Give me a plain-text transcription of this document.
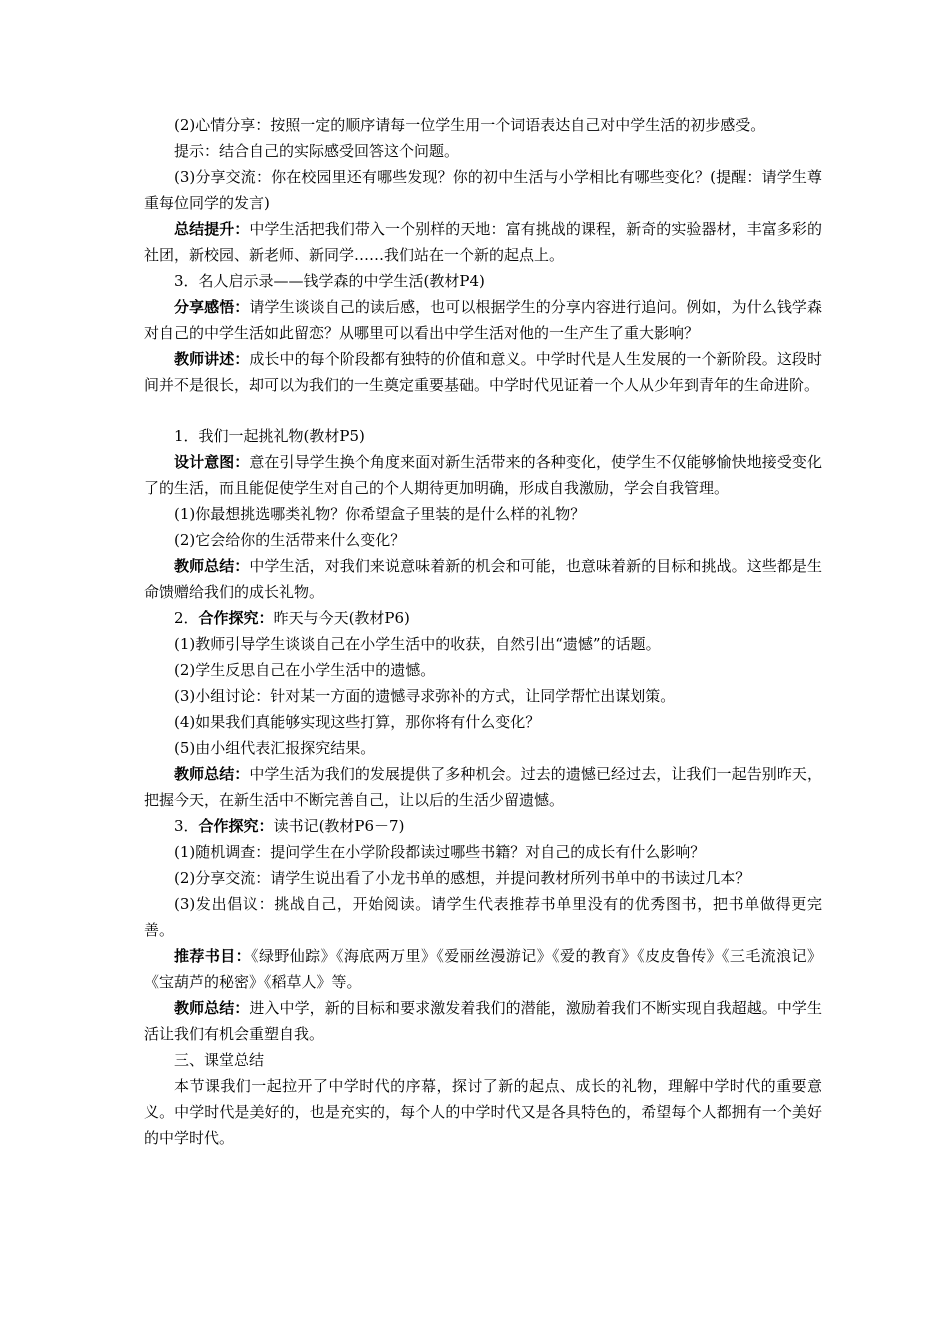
(2)心情分享：按照一定的顺序请每一位学生用一个词语表达自己对中学生活的初步感受。

提示：结合自己的实际感受回答这个问题。

(3)分享交流：你在校园里还有哪些发现？你的初中生活与小学相比有哪些变化？(提醒：请学生尊重每位同学的发言)

总结提升：中学生活把我们带入一个别样的天地：富有挑战的课程，新奇的实验器材，丰富多彩的社团，新校园、新老师、新同学……我们站在一个新的起点上。

3．名人启示录——钱学森的中学生活(教材P4)

分享感悟：请学生谈谈自己的读后感，也可以根据学生的分享内容进行追问。例如，为什么钱学森对自己的中学生活如此留恋？从哪里可以看出中学生活对他的一生产生了重大影响？

教师讲述：成长中的每个阶段都有独特的价值和意义。中学时代是人生发展的一个新阶段。这段时间并不是很长，却可以为我们的一生奠定重要基础。中学时代见证着一个人从少年到青年的生命进阶。

1．我们一起挑礼物(教材P5)

设计意图：意在引导学生换个角度来面对新生活带来的各种变化，使学生不仅能够愉快地接受变化了的生活，而且能促使学生对自己的个人期待更加明确，形成自我激励，学会自我管理。

(1)你最想挑选哪类礼物？你希望盒子里装的是什么样的礼物？

(2)它会给你的生活带来什么变化？

教师总结：中学生活，对我们来说意味着新的机会和可能，也意味着新的目标和挑战。这些都是生命馈赠给我们的成长礼物。

2．合作探究：昨天与今天(教材P6)

(1)教师引导学生谈谈自己在小学生活中的收获，自然引出“遗憾”的话题。

(2)学生反思自己在小学生活中的遗憾。

(3)小组讨论：针对某一方面的遗憾寻求弥补的方式，让同学帮忙出谋划策。

(4)如果我们真能够实现这些打算，那你将有什么变化？

(5)由小组代表汇报探究结果。

教师总结：中学生活为我们的发展提供了多种机会。过去的遗憾已经过去，让我们一起告别昨天，把握今天，在新生活中不断完善自己，让以后的生活少留遗憾。

3．合作探究：读书记(教材P6－7)

(1)随机调查：提问学生在小学阶段都读过哪些书籍？对自己的成长有什么影响？

(2)分享交流：请学生说出看了小龙书单的感想，并提问教材所列书单中的书读过几本？

(3)发出倡议：挑战自己，开始阅读。请学生代表推荐书单里没有的优秀图书，把书单做得更完善。

推荐书目：《绿野仙踪》《海底两万里》《爱丽丝漫游记》《爱的教育》《皮皮鲁传》《三毛流浪记》《宝葫芦的秘密》《稻草人》等。

教师总结：进入中学，新的目标和要求激发着我们的潜能，激励着我们不断实现自我超越。中学生活让我们有机会重塑自我。

三、课堂总结

本节课我们一起拉开了中学时代的序幕，探讨了新的起点、成长的礼物，理解中学时代的重要意义。中学时代是美好的，也是充实的，每个人的中学时代又是各具特色的，希望每个人都拥有一个美好的中学时代。
